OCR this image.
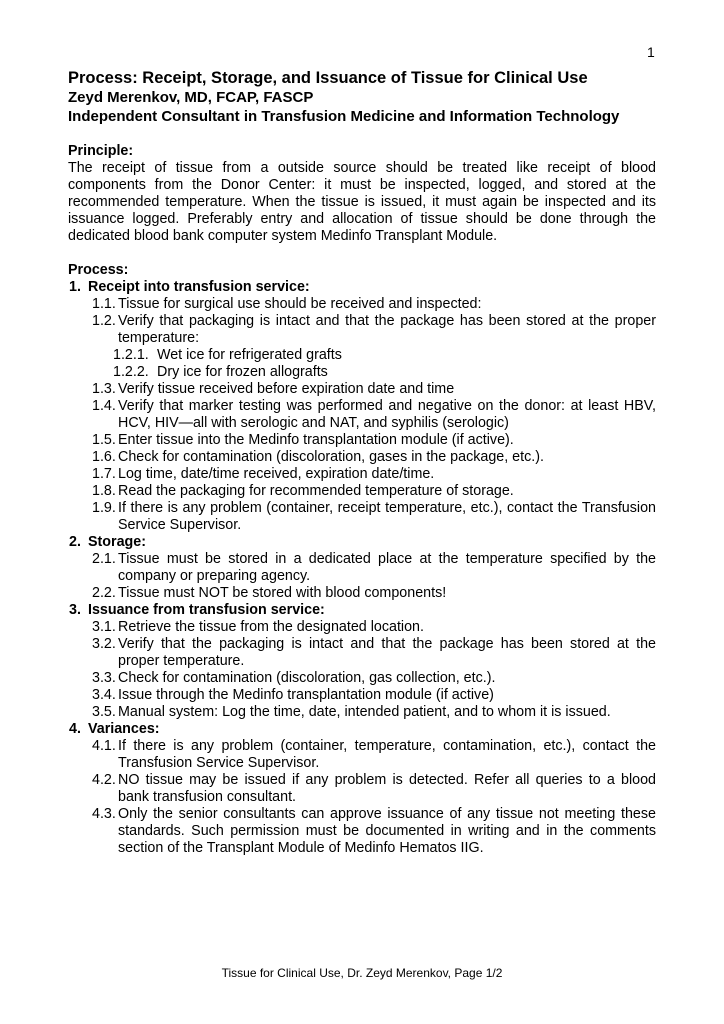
1
Process: Receipt, Storage, and Issuance of Tissue for Clinical Use
Zeyd Merenkov, MD, FCAP, FASCP
Independent Consultant in Transfusion Medicine and Information Technology
Principle:
The receipt of tissue from a outside source should be treated like receipt of blood components from the Donor Center: it must be inspected, logged, and stored at the recommended temperature. When the tissue is issued, it must again be inspected and its issuance logged. Preferably entry and allocation of tissue should be done through the dedicated blood bank computer system Medinfo Transplant Module.
Process:
1. Receipt into transfusion service:
1.1. Tissue for surgical use should be received and inspected:
1.2. Verify that packaging is intact and that the package has been stored at the proper temperature:
1.2.1. Wet ice for refrigerated grafts
1.2.2. Dry ice for frozen allografts
1.3. Verify tissue received before expiration date and time
1.4. Verify that marker testing was performed and negative on the donor: at least HBV, HCV, HIV—all with serologic and NAT, and syphilis (serologic)
1.5. Enter tissue into the Medinfo transplantation module (if active).
1.6. Check for contamination (discoloration, gases in the package, etc.).
1.7. Log time, date/time received, expiration date/time.
1.8. Read the packaging for recommended temperature of storage.
1.9. If there is any problem (container, receipt temperature, etc.), contact the Transfusion Service Supervisor.
2. Storage:
2.1. Tissue must be stored in a dedicated place at the temperature specified by the company or preparing agency.
2.2. Tissue must NOT be stored with blood components!
3. Issuance from transfusion service:
3.1. Retrieve the tissue from the designated location.
3.2. Verify that the packaging is intact and that the package has been stored at the proper temperature.
3.3. Check for contamination (discoloration, gas collection, etc.).
3.4. Issue through the Medinfo transplantation module (if active)
3.5. Manual system: Log the time, date, intended patient, and to whom it is issued.
4. Variances:
4.1. If there is any problem (container, temperature, contamination, etc.), contact the Transfusion Service Supervisor.
4.2. NO tissue may be issued if any problem is detected. Refer all queries to a blood bank transfusion consultant.
4.3. Only the senior consultants can approve issuance of any tissue not meeting these standards. Such permission must be documented in writing and in the comments section of the Transplant Module of Medinfo Hematos IIG.
Tissue for Clinical Use, Dr. Zeyd Merenkov, Page 1/2
